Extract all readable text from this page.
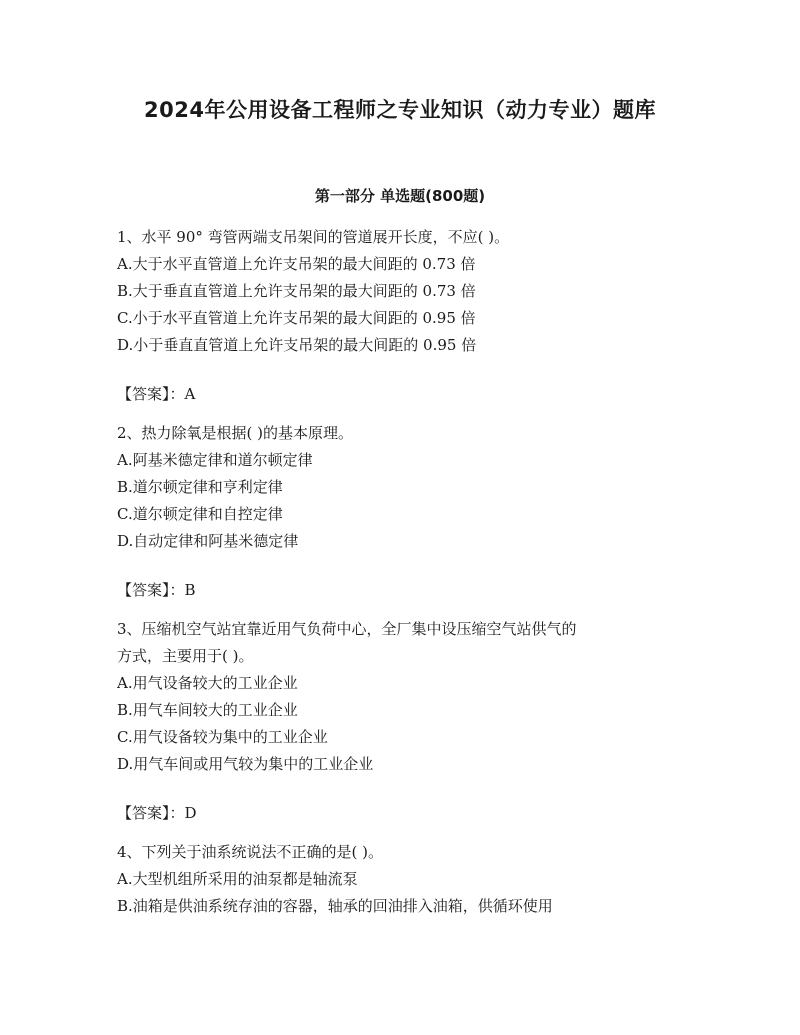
2024年公用设备工程师之专业知识（动力专业）题库
第一部分 单选题(800题)
1、水平 90° 弯管两端支吊架间的管道展开长度，不应( )。
A.大于水平直管道上允许支吊架的最大间距的 0.73 倍
B.大于垂直直管道上允许支吊架的最大间距的 0.73 倍
C.小于水平直管道上允许支吊架的最大间距的 0.95 倍
D.小于垂直直管道上允许支吊架的最大间距的 0.95 倍
【答案】：A
2、热力除氧是根据( )的基本原理。
A.阿基米德定律和道尔顿定律
B.道尔顿定律和亨利定律
C.道尔顿定律和自控定律
D.自动定律和阿基米德定律
【答案】：B
3、压缩机空气站宜靠近用气负荷中心，全厂集中设压缩空气站供气的
方式，主要用于( )。
A.用气设备较大的工业企业
B.用气车间较大的工业企业
C.用气设备较为集中的工业企业
D.用气车间或用气较为集中的工业企业
【答案】：D
4、下列关于油系统说法不正确的是( )。
A.大型机组所采用的油泵都是轴流泵
B.油箱是供油系统存油的容器，轴承的回油排入油箱，供循环使用
